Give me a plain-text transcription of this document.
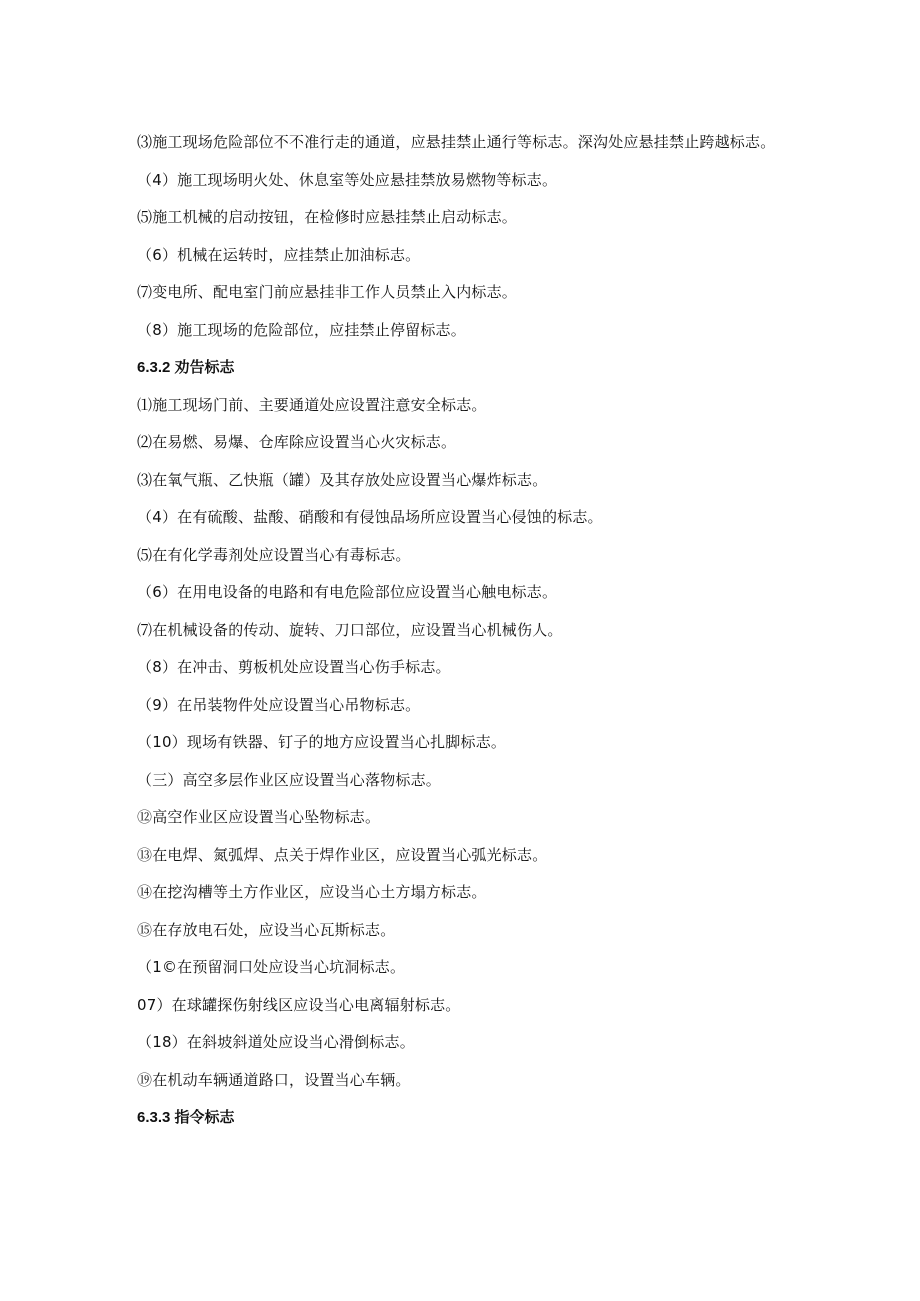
⑶施工现场危险部位不不准行走的通道，应悬挂禁止通行等标志。深沟处应悬挂禁止跨越标志。
（4）施工现场明火处、休息室等处应悬挂禁放易燃物等标志。
⑸施工机械的启动按钮，在检修时应悬挂禁止启动标志。
（6）机械在运转时，应挂禁止加油标志。
⑺变电所、配电室门前应悬挂非工作人员禁止入内标志。
（8）施工现场的危险部位，应挂禁止停留标志。
6.3.2 劝告标志
⑴施工现场门前、主要通道处应设置注意安全标志。
⑵在易燃、易爆、仓库除应设置当心火灾标志。
⑶在氧气瓶、乙快瓶（罐）及其存放处应设置当心爆炸标志。
（4）在有硫酸、盐酸、硝酸和有侵蚀品场所应设置当心侵蚀的标志。
⑸在有化学毒剂处应设置当心有毒标志。
（6）在用电设备的电路和有电危险部位应设置当心触电标志。
⑺在机械设备的传动、旋转、刀口部位，应设置当心机械伤人。
（8）在冲击、剪板机处应设置当心伤手标志。
（9）在吊装物件处应设置当心吊物标志。
（10）现场有铁器、钉子的地方应设置当心扎脚标志。
（三）高空多层作业区应设置当心落物标志。
⑫高空作业区应设置当心坠物标志。
⑬在电焊、氮弧焊、点关于焊作业区，应设置当心弧光标志。
⑭在挖沟槽等土方作业区，应设当心土方塌方标志。
⑮在存放电石处，应设当心瓦斯标志。
（1©在预留洞口处应设当心坑洞标志。
07）在球罐探伤射线区应设当心电离辐射标志。
（18）在斜坡斜道处应设当心滑倒标志。
⑲在机动车辆通道路口，设置当心车辆。
6.3.3 指令标志
